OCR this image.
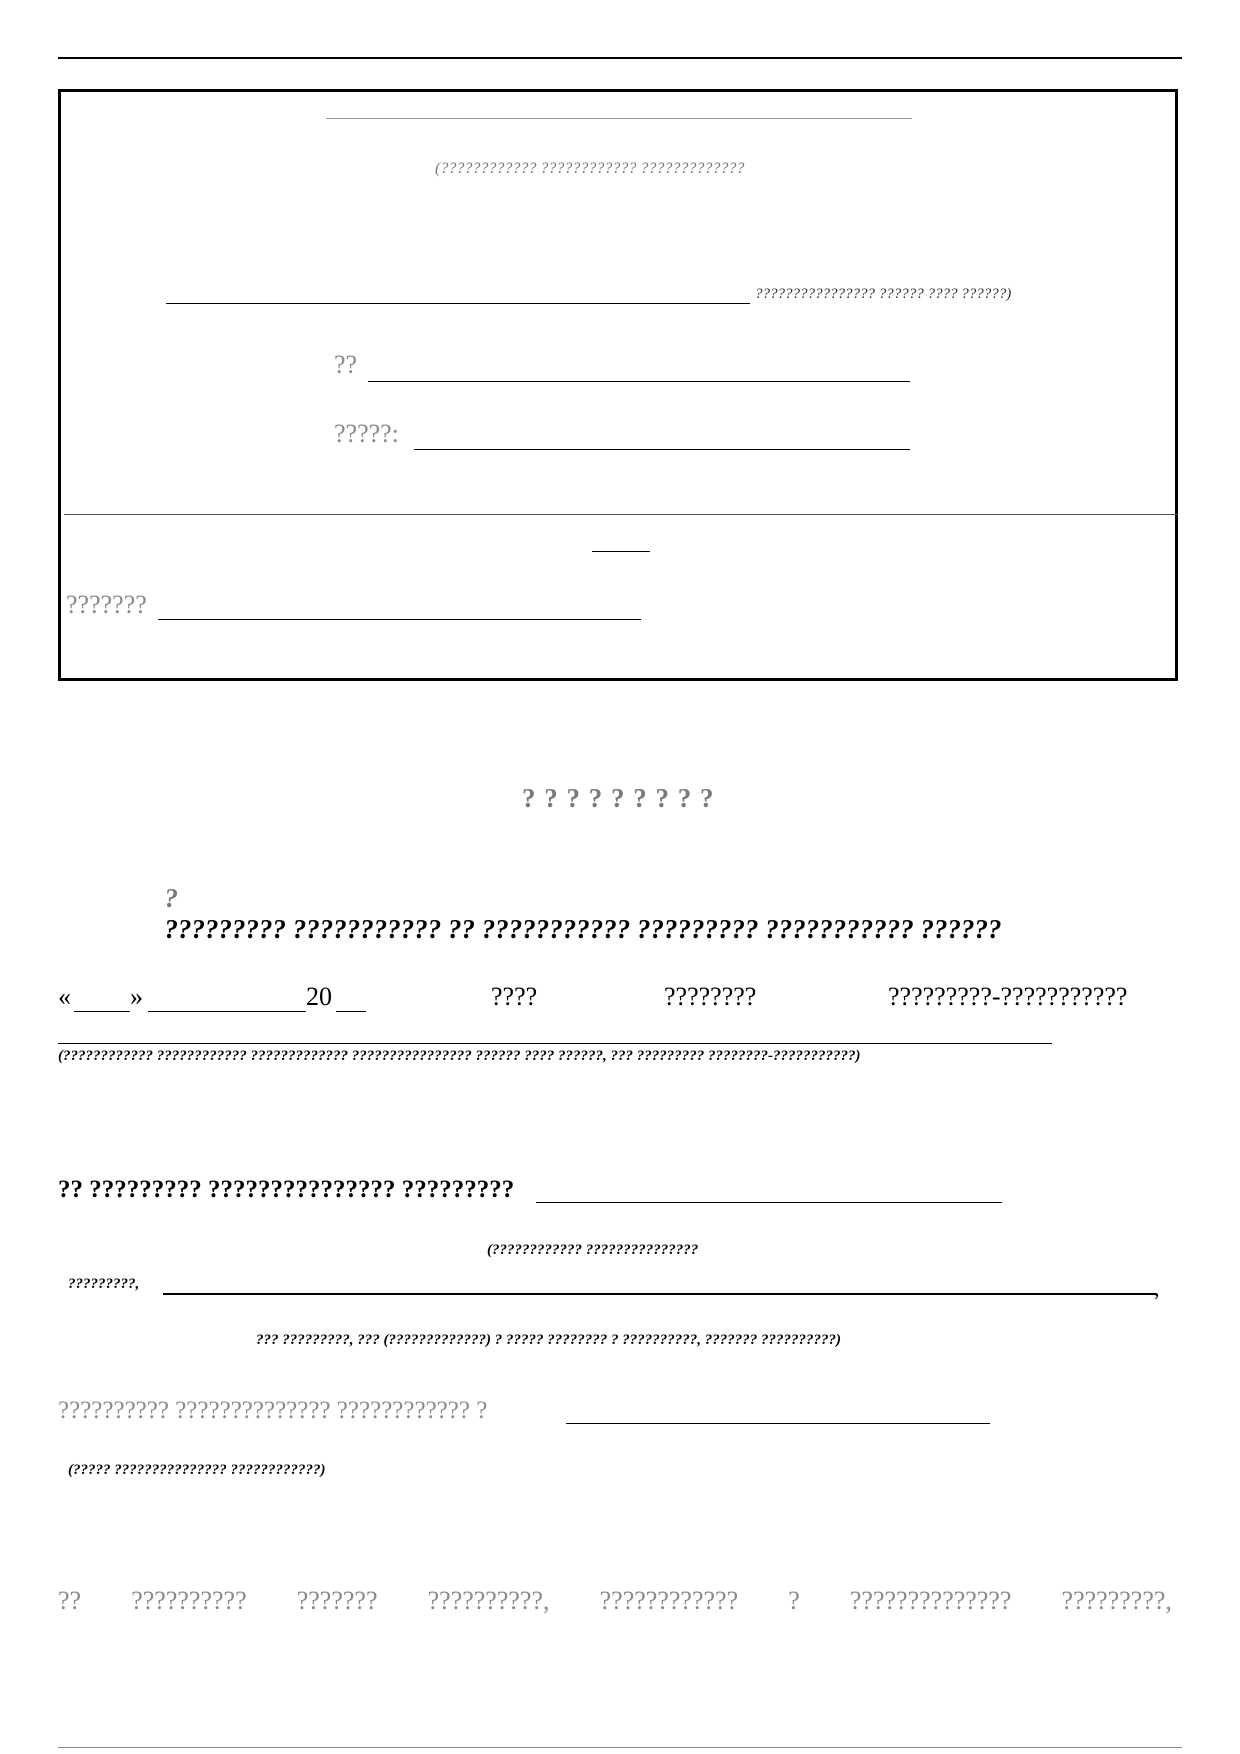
(???????????? ???????????? ?????????????
???????????????? ?????? ???? ??????)
??
?????:
???????
? ? ? ? ? ? ? ? ?

?
????????? ??????????? ?? ??????????? ????????? ??????????? ??????

« »	20	????	????????	?????????-???????????
(???????????? ???????????? ????????????? ???????????????? ?????? ???? ??????, ??? ????????? ????????-???????????)
?? ????????? ??????????????? ?????????
(???????????? ???????????????
?????????,	,
??? ?????????, ??? (?????????????) ? ????? ???????? ? ??????????, ??????? ??????????)
?????????? ?????????????? ???????????? ?
(????? ??????????????? ????????????)
?? ?????????? ??????? ??????????, ???????????? ? ?????????????? ?????????,
